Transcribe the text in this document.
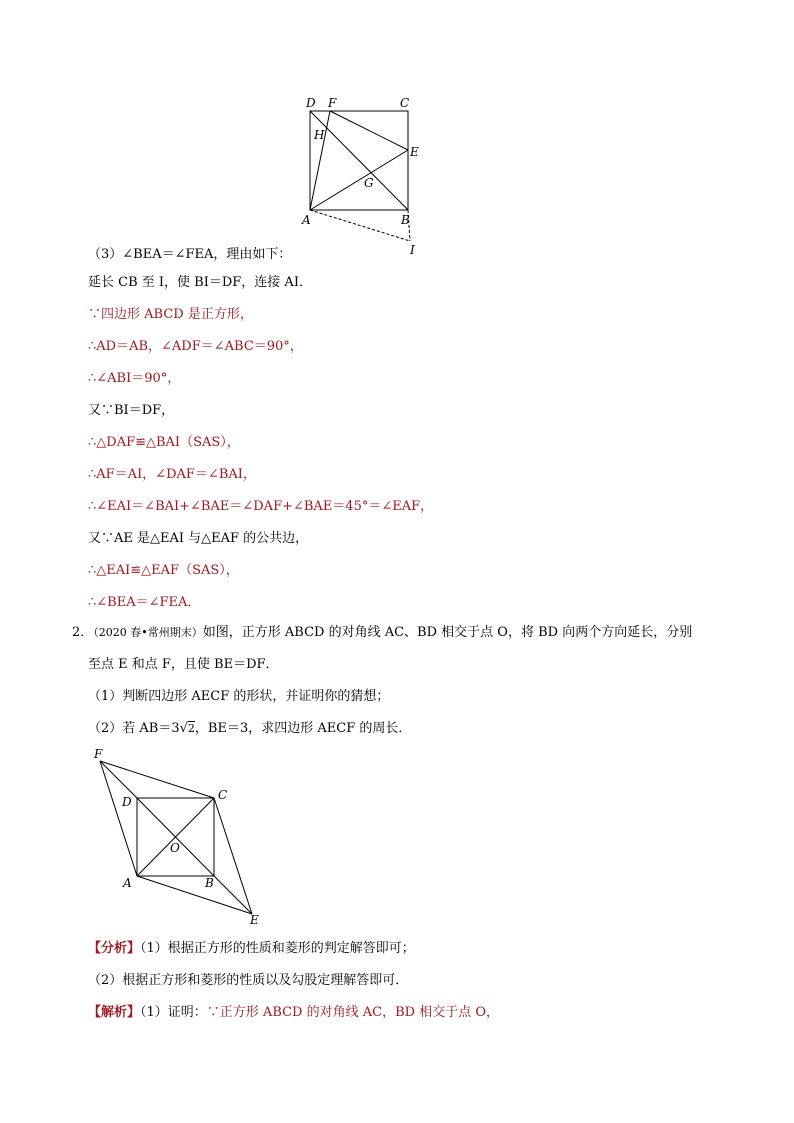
D F	C
H
E
G
A	B
I
（3）∠BEA＝∠FEA，理由如下：
延长 CB 至 I，使 BI＝DF，连接 AI．
∵四边形 ABCD 是正方形，
∴AD＝AB，∠ADF＝∠ABC＝90°，
∴∠ABI＝90°，
又∵BI＝DF，
∴△DAF≌△BAI（SAS），
∴AF＝AI，∠DAF＝∠BAI，
∴∠EAI＝∠BAI+∠BAE＝∠DAF+∠BAE＝45°＝∠EAF，
又∵AE 是△EAI 与△EAF 的公共边，
∴△EAI≌△EAF（SAS），
∴∠BEA＝∠FEA．
2．（2020 春•常州期末）如图，正方形 ABCD 的对角线 AC、BD 相交于点 O，将 BD 向两个方向延长，分别
至点 E 和点 F，且使 BE＝DF．
（1）判断四边形 AECF 的形状，并证明你的猜想；
（2）若 AB＝3√2，BE＝3，求四边形 AECF 的周长．
F
D	C
O
A	B
E
【分析】（1）根据正方形的性质和菱形的判定解答即可；
（2）根据正方形和菱形的性质以及勾股定理解答即可．
【解析】（1）证明：∵正方形 ABCD 的对角线 AC，BD 相交于点 O，
